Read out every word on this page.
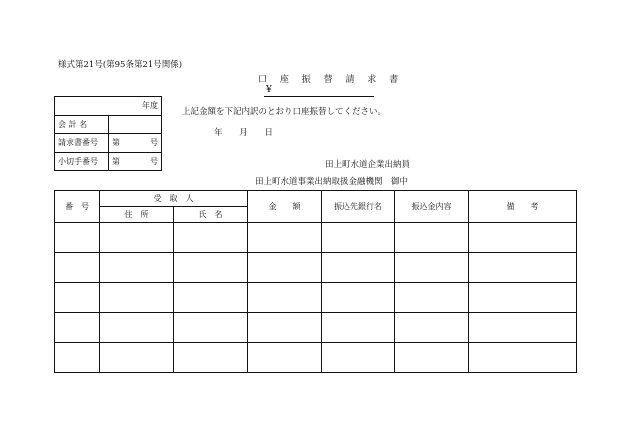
様式第21号(第95条第21号関係)
口 座 振 替 請 求 書
¥
年度	
会 計 名	
請求書番号	第 号

小切手番号	第 号
上記金額を下記内訳のとおり口座振替してください。
年 月 日
田上町水道企業出納員
田上町水道事業出納取扱金融機関　御中
番　号	受　取　人		金　　額	振込先銀行名	振込金内容	備　　考
	住　所	氏　名				
